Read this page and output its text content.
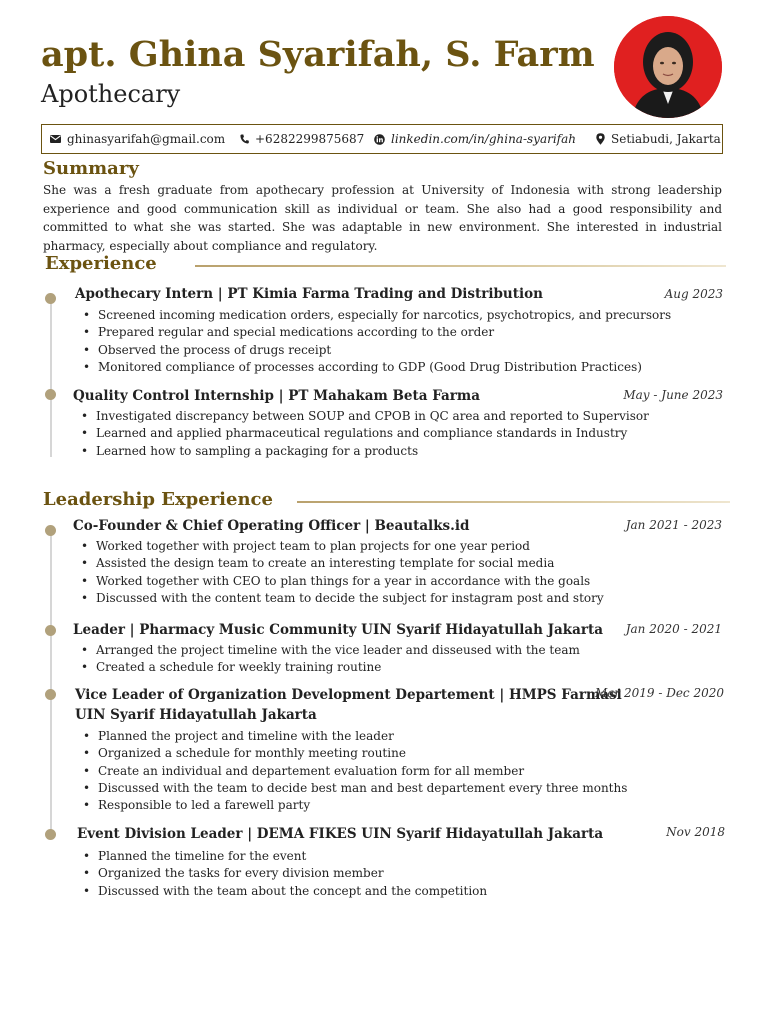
apt. Ghina Syarifah, S. Farm
Apothecary
ghinasyarifah@gmail.com +6282299875687 linkedin.com/in/ghina-syarifah	Setiabudi, Jakarta
Summary
She was a fresh graduate from apothecary profession at University of Indonesia with strong leadership experience and good communication skill as individual or team. She also had a good responsibility and committed to what she was started. She was adaptable in new environment. She interested in industrial pharmacy, especially about compliance and regulatory.
Experience
Apothecary Intern | PT Kimia Farma Trading and Distribution	Aug 2023
• Screened incoming medication orders, especially for narcotics, psychotropics, and precursors
• Prepared regular and special medications according to the order
• Observed the process of drugs receipt
• Monitored compliance of processes according to GDP (Good Drug Distribution Practices)
Quality Control Internship | PT Mahakam Beta Farma	May - June 2023
• Investigated discrepancy between SOUP and CPOB in QC area and reported to Supervisor
• Learned and applied pharmaceutical regulations and compliance standards in Industry
• Learned how to sampling a packaging for a products
Leadership Experience
Co-Founder & Chief Operating Officer | Beautalks.id	Jan 2021 - 2023
• Worked together with project team to plan projects for one year period
• Assisted the design team to create an interesting template for social media
• Worked together with CEO to plan things for a year in accordance with the goals
• Discussed with the content team to decide the subject for instagram post and story
Leader | Pharmacy Music Community UIN Syarif Hidayatullah Jakarta Jan 2020 - 2021
• Arranged the project timeline with the vice leader and disseused with the team
• Created a schedule for weekly training routine
Vice Leader of Organization Development Departement | HMPS Farmasi
UIN Syarif Hidayatullah Jakarta
Mar 2019 - Dec 2020
• Planned the project and timeline with the leader
• Organized a schedule for monthly meeting routine
• Create an individual and departement evaluation form for all member
• Discussed with the team to decide best man and best departement every three months
• Responsible to led a farewell party
Event Division Leader | DEMA FIKES UIN Syarif Hidayatullah Jakarta	Nov 2018
• Planned the timeline for the event
• Organized the tasks for every division member
• Discussed with the team about the concept and the competition
